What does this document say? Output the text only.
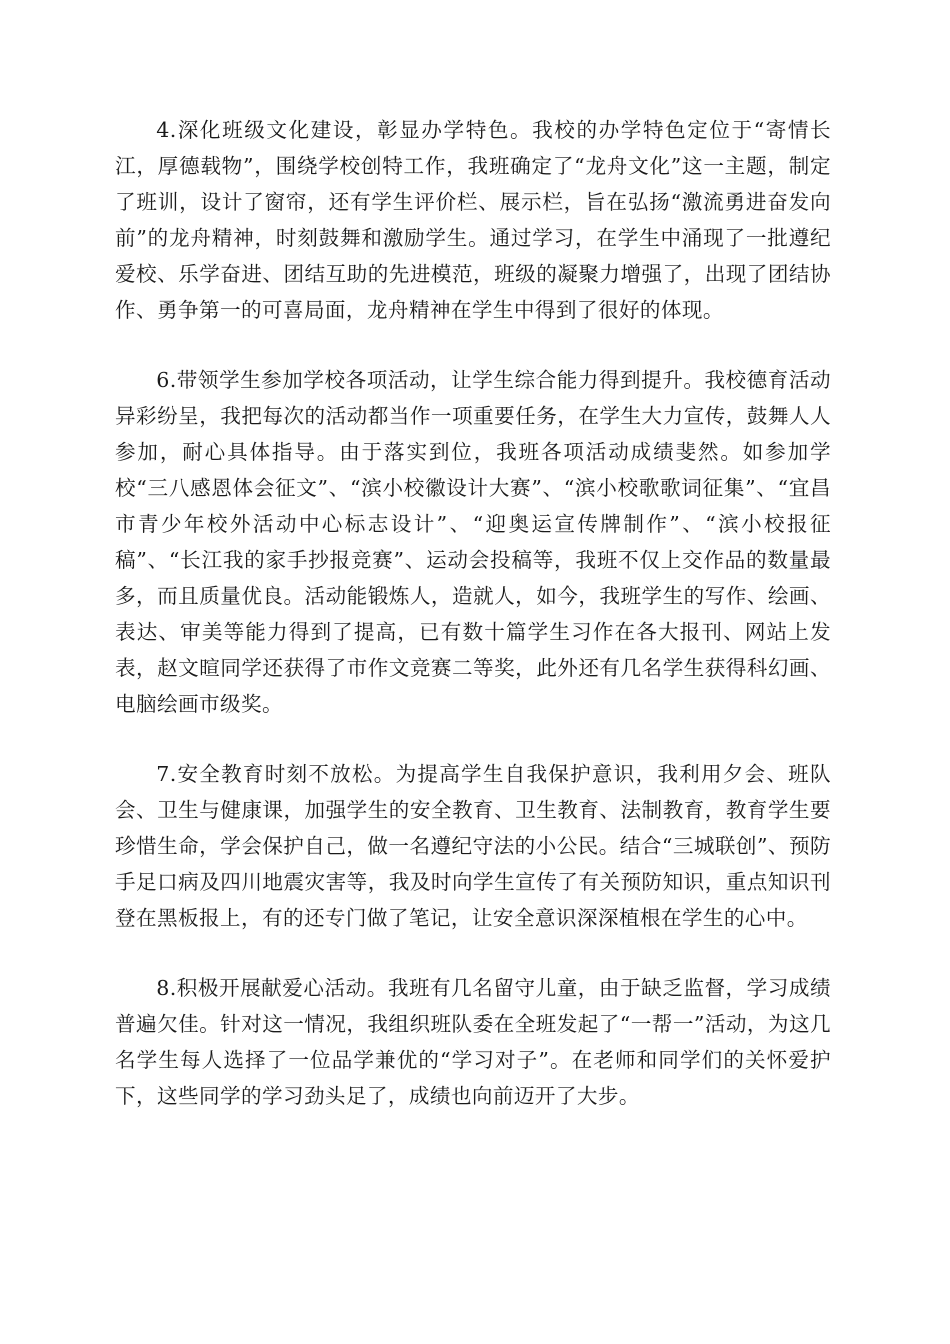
4.深化班级文化建设，彰显办学特色。我校的办学特色定位于“寄情长江，厚德载物”，围绕学校创特工作，我班确定了“龙舟文化”这一主题，制定了班训，设计了窗帘，还有学生评价栏、展示栏，旨在弘扬“激流勇进奋发向前”的龙舟精神，时刻鼓舞和激励学生。通过学习，在学生中涌现了一批遵纪爱校、乐学奋进、团结互助的先进模范，班级的凝聚力增强了，出现了团结协作、勇争第一的可喜局面，龙舟精神在学生中得到了很好的体现。

6.带领学生参加学校各项活动，让学生综合能力得到提升。我校德育活动异彩纷呈，我把每次的活动都当作一项重要任务，在学生大力宣传，鼓舞人人参加，耐心具体指导。由于落实到位，我班各项活动成绩斐然。如参加学校“三八感恩体会征文”、“滨小校徽设计大赛”、“滨小校歌歌词征集”、“宜昌市青少年校外活动中心标志设计”、“迎奥运宣传牌制作”、“滨小校报征稿”、“长江我的家手抄报竞赛”、运动会投稿等，我班不仅上交作品的数量最多，而且质量优良。活动能锻炼人，造就人，如今，我班学生的写作、绘画、表达、审美等能力得到了提高，已有数十篇学生习作在各大报刊、网站上发表，赵文暄同学还获得了市作文竞赛二等奖，此外还有几名学生获得科幻画、电脑绘画市级奖。

7.安全教育时刻不放松。为提高学生自我保护意识，我利用夕会、班队会、卫生与健康课，加强学生的安全教育、卫生教育、法制教育，教育学生要珍惜生命，学会保护自己，做一名遵纪守法的小公民。结合“三城联创”、预防手足口病及四川地震灾害等，我及时向学生宣传了有关预防知识，重点知识刊登在黑板报上，有的还专门做了笔记，让安全意识深深植根在学生的心中。

8.积极开展献爱心活动。我班有几名留守儿童，由于缺乏监督，学习成绩普遍欠佳。针对这一情况，我组织班队委在全班发起了“一帮一”活动，为这几名学生每人选择了一位品学兼优的“学习对子”。在老师和同学们的关怀爱护下，这些同学的学习劲头足了，成绩也向前迈开了大步。
